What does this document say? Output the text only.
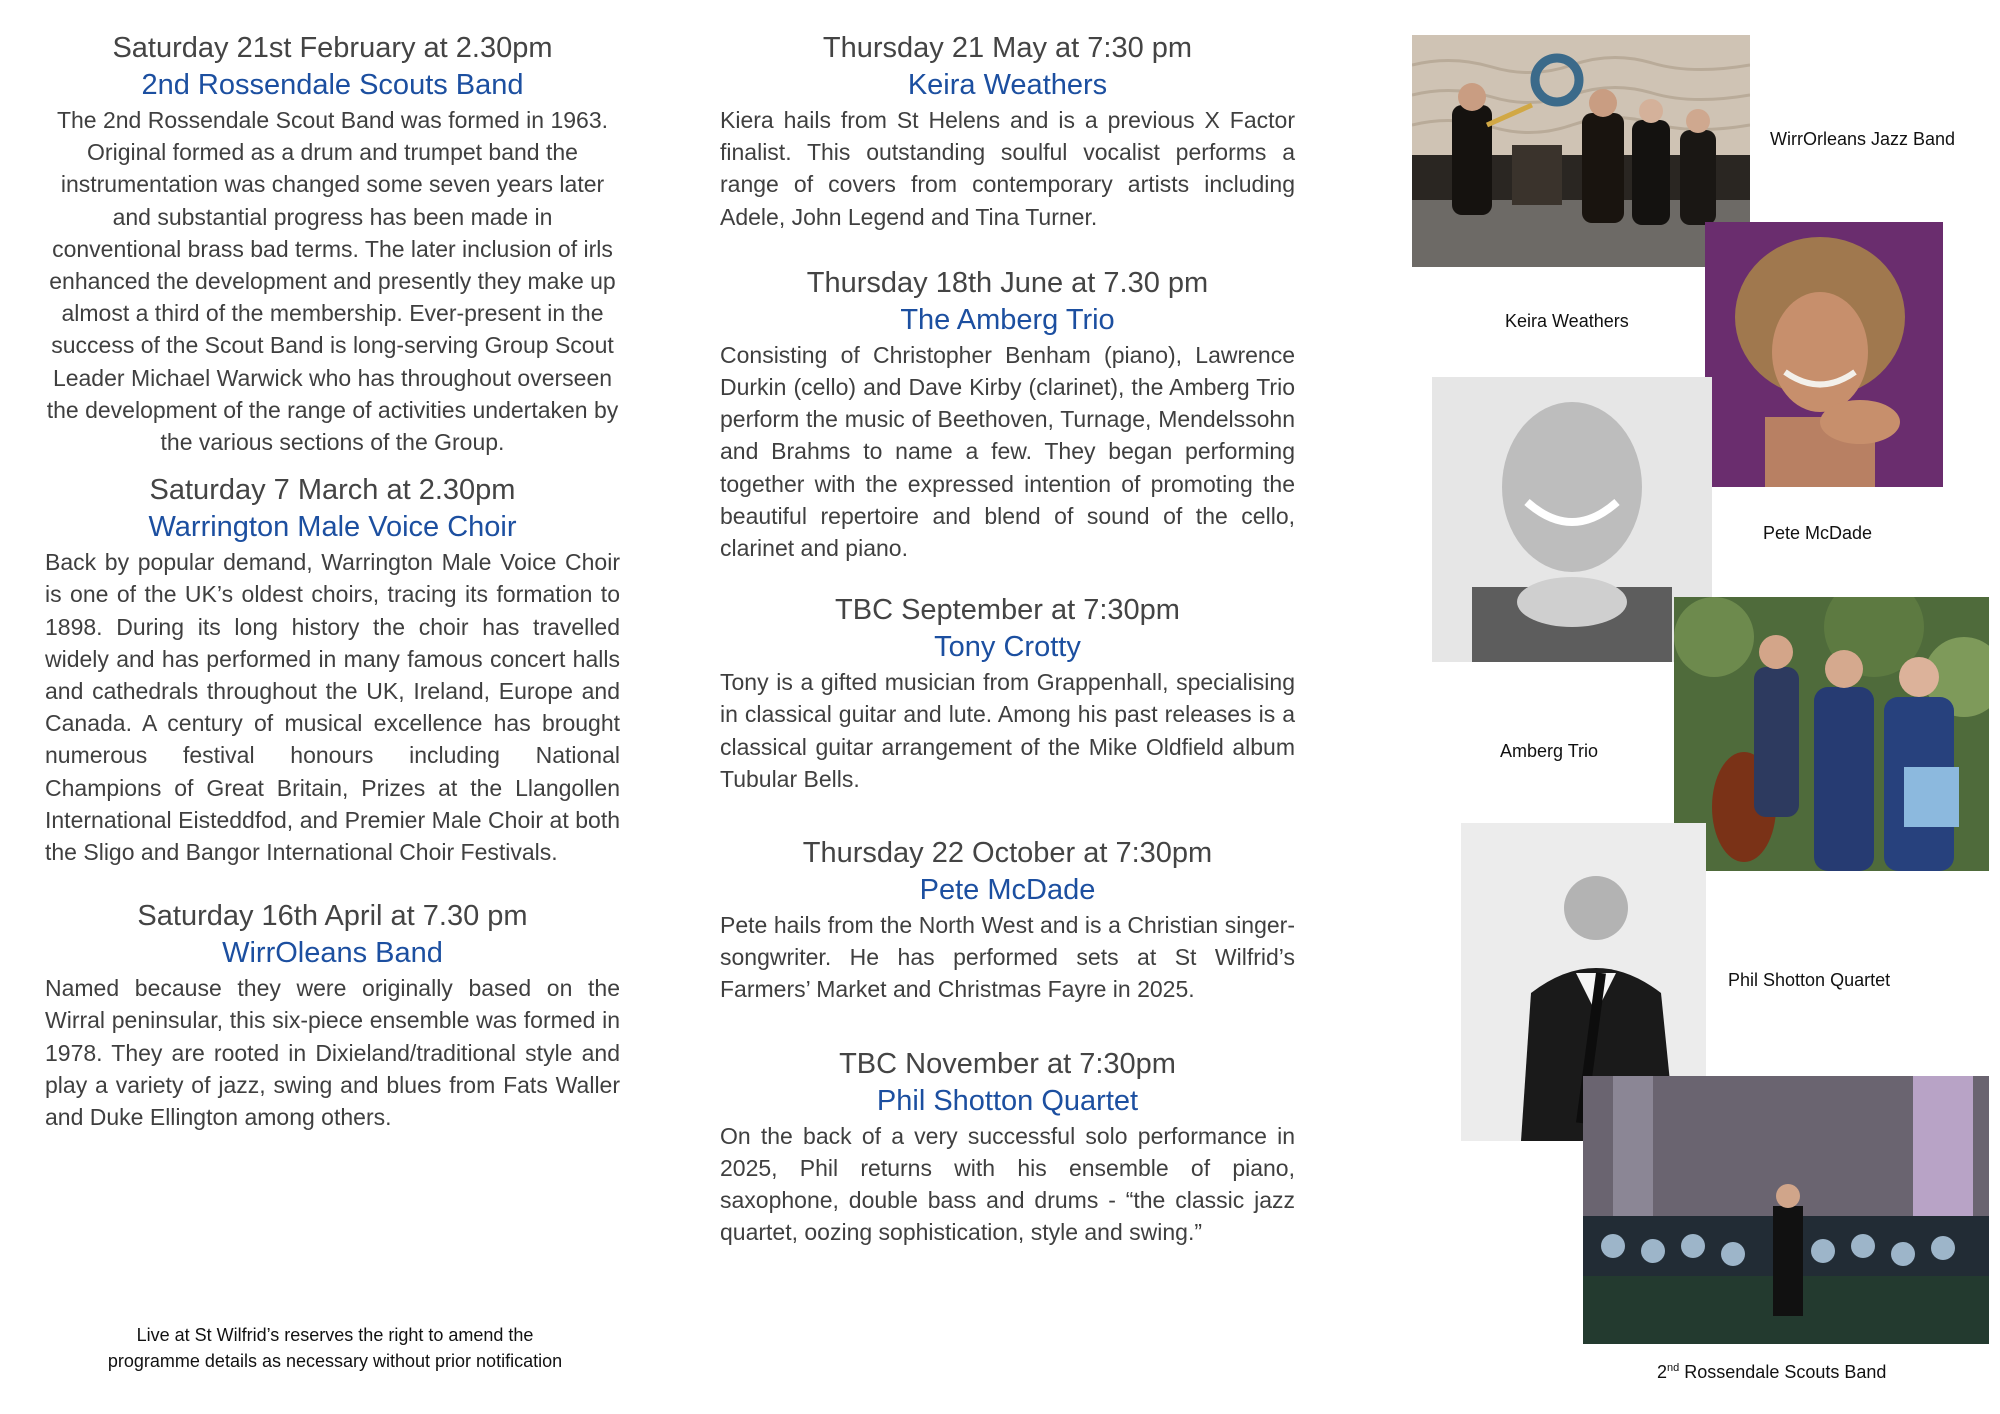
Saturday 21st February at 2.30pm

2nd Rossendale Scouts Band

The 2nd Rossendale Scout Band was formed in 1963. Original formed as a drum and trumpet band the instrumentation was changed some seven years later and substantial progress has been made in conventional brass bad terms. The later inclusion of irls enhanced the development and presently they make up almost a third of the membership. Ever-present in the success of the Scout Band is long-serving Group Scout Leader Michael Warwick who has throughout overseen the development of the range of activities undertaken by the various sections of the Group.

Saturday 7 March at 2.30pm

Warrington Male Voice Choir

Back by popular demand, Warrington Male Voice Choir is one of the UK’s oldest choirs, tracing its formation to 1898. During its long history the choir has travelled widely and has performed in many famous concert halls and cathedrals throughout the UK, Ireland, Europe and Canada. A century of musical excellence has brought numerous festival honours including National Champions of Great Britain, Prizes at the Llangollen International Eisteddfod, and Premier Male Choir at both the Sligo and Bangor International Choir Festivals.

Saturday 16th April at 7.30 pm

WirrOleans Band

Named because they were originally based on the Wirral peninsular, this six-piece ensemble was formed in 1978. They are rooted in Dixieland/traditional style and play a variety of jazz, swing and blues from Fats Waller and Duke Ellington among others.

Live at St Wilfrid’s reserves the right to amend the programme details as necessary without prior notification

Thursday 21 May at 7:30 pm

Keira Weathers

Kiera hails from St Helens and is a previous X Factor finalist. This outstanding soulful vocalist performs a range of covers from contemporary artists including Adele, John Legend and Tina Turner.

Thursday 18th June at 7.30 pm

The Amberg Trio

Consisting of Christopher Benham (piano), Lawrence Durkin (cello) and Dave Kirby (clarinet), the Amberg Trio perform the music of Beethoven, Turnage, Mendelssohn and Brahms to name a few. They began performing together with the expressed intention of promoting the beautiful repertoire and blend of sound of the cello, clarinet and piano.

TBC September at 7:30pm

Tony Crotty

Tony is a gifted musician from Grappenhall, specialising in classical guitar and lute. Among his past releases is a classical guitar arrangement of the Mike Oldfield album Tubular Bells.

Thursday 22 October at 7:30pm

Pete McDade

Pete hails from the North West and is a Christian singer-songwriter. He has performed sets at St Wilfrid’s Farmers’ Market and Christmas Fayre in 2025.

TBC November at 7:30pm

Phil Shotton Quartet

On the back of a very successful solo performance in 2025, Phil returns with his ensemble of piano, saxophone, double bass and drums - “the classic jazz quartet, oozing sophistication, style and swing.”

WirrOrleans Jazz Band
Keira Weathers
Pete McDade
Amberg Trio
Phil Shotton Quartet
2nd Rossendale Scouts Band
